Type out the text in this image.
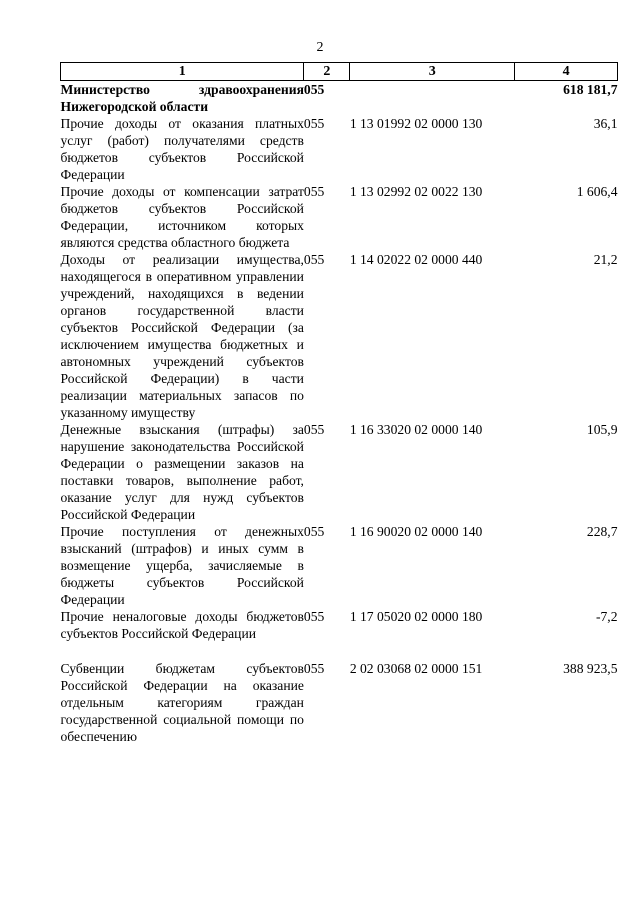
2
1	2	3	4
Министерство здравоохранения Нижегородской области	055		618 181,7
Прочие доходы от оказания платных услуг (работ) получателями средств бюджетов субъектов Российской Федерации	055	1 13 01992 02 0000 130	36,1
Прочие доходы от компенсации затрат бюджетов субъектов Российской Федерации, источником которых являются средства областного бюджета	055	1 13 02992 02 0022 130	1 606,4
Доходы от реализации имущества, находящегося в оперативном управлении учреждений, находящихся в ведении органов государственной власти субъектов Российской Федерации (за исключением имущества бюджетных и автономных учреждений субъектов Российской Федерации) в части реализации материальных запасов по указанному имуществу	055	1 14 02022 02 0000 440	21,2
Денежные взыскания (штрафы) за нарушение законодательства Российской Федерации о размещении заказов на поставки товаров, выполнение работ, оказание услуг для нужд субъектов Российской Федерации	055	1 16 33020 02 0000 140	105,9
Прочие поступления от денежных взысканий (штрафов) и иных сумм в возмещение ущерба, зачисляемые в бюджеты субъектов Российской Федерации	055	1 16 90020 02 0000 140	228,7
Прочие неналоговые доходы бюджетов субъектов Российской Федерации	055	1 17 05020 02 0000 180	-7,2

Субвенции бюджетам субъектов Российской Федерации на оказание отдельным категориям граждан государственной социальной помощи по обеспечению	055	2 02 03068 02 0000 151	388 923,5
